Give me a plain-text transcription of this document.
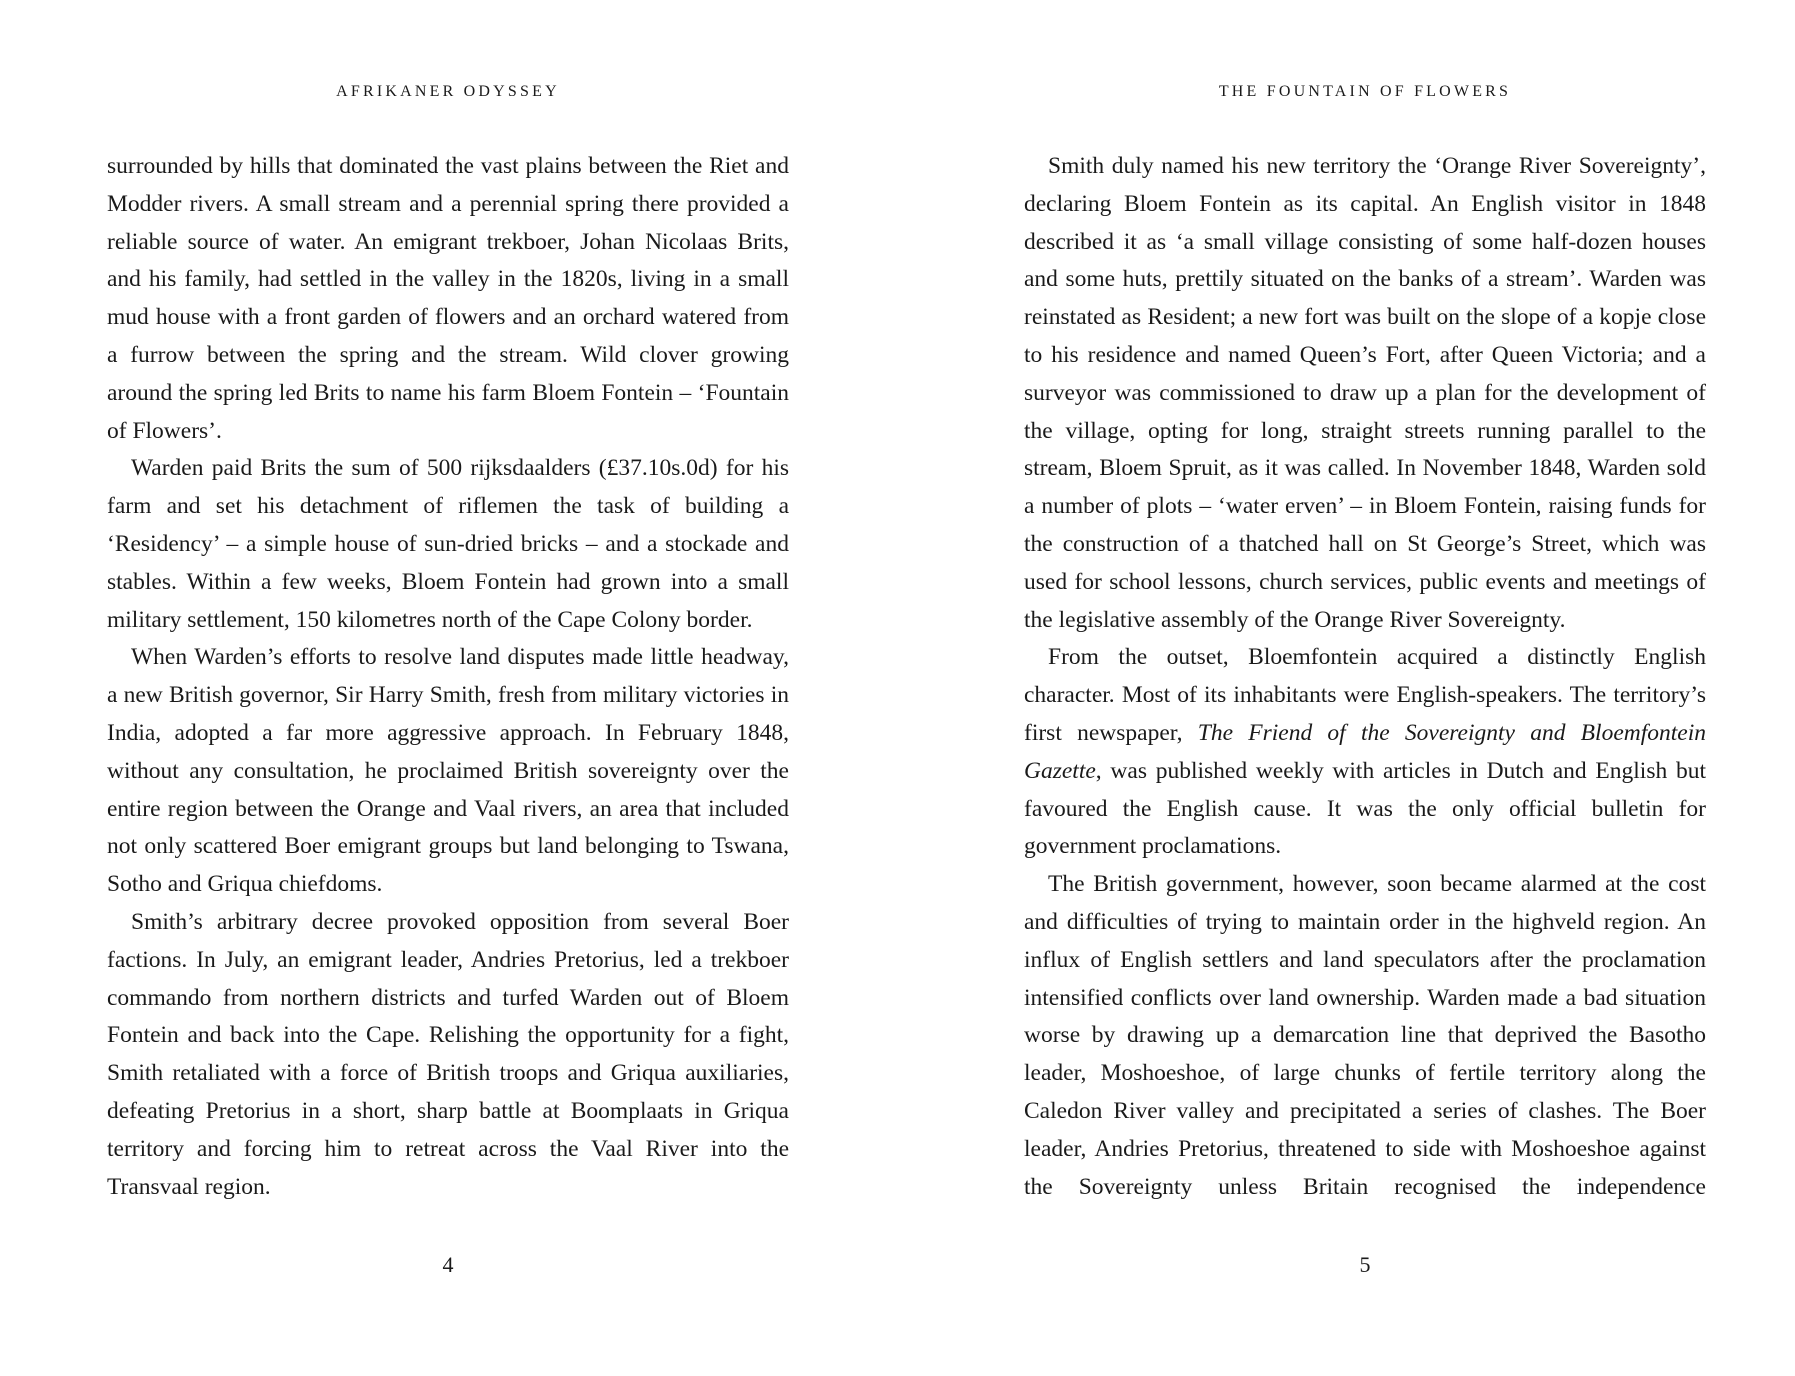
AFRIKANER ODYSSEY

surrounded by hills that dominated the vast plains between the Riet and Modder rivers. A small stream and a perennial spring there provided a reliable source of water. An emigrant trekboer, Johan Nicolaas Brits, and his family, had settled in the valley in the 1820s, living in a small mud house with a front garden of flowers and an orchard watered from a furrow between the spring and the stream. Wild clover growing around the spring led Brits to name his farm Bloem Fontein – ‘Fountain of Flowers’.

Warden paid Brits the sum of 500 rijksdaalders (£37.10s.0d) for his farm and set his detachment of riflemen the task of building a ‘Residency’ – a simple house of sun-dried bricks – and a stockade and stables. Within a few weeks, Bloem Fontein had grown into a small military settlement, 150 kilometres north of the Cape Colony border.

When Warden’s efforts to resolve land disputes made little headway, a new British governor, Sir Harry Smith, fresh from military victories in India, adopted a far more aggressive approach. In February 1848, without any consultation, he proclaimed British sovereignty over the entire region between the Orange and Vaal rivers, an area that included not only scattered Boer emigrant groups but land belonging to Tswana, Sotho and Griqua chiefdoms.

Smith’s arbitrary decree provoked opposition from several Boer factions. In July, an emigrant leader, Andries Pretorius, led a trekboer commando from northern districts and turfed Warden out of Bloem Fontein and back into the Cape. Relishing the opportunity for a fight, Smith retaliated with a force of British troops and Griqua auxiliaries, defeating Pretorius in a short, sharp battle at Boomplaats in Griqua territory and forcing him to retreat across the Vaal River into the Transvaal region.

4
THE FOUNTAIN OF FLOWERS

Smith duly named his new territory the ‘Orange River Sovereignty’, declaring Bloem Fontein as its capital. An English visitor in 1848 described it as ‘a small village consisting of some half-dozen houses and some huts, prettily situated on the banks of a stream’. Warden was reinstated as Resident; a new fort was built on the slope of a kopje close to his residence and named Queen’s Fort, after Queen Victoria; and a surveyor was commissioned to draw up a plan for the development of the village, opting for long, straight streets running parallel to the stream, Bloem Spruit, as it was called. In November 1848, Warden sold a number of plots – ‘water erven’ – in Bloem Fontein, raising funds for the construction of a thatched hall on St George’s Street, which was used for school lessons, church services, public events and meetings of the legislative assembly of the Orange River Sovereignty.

From the outset, Bloemfontein acquired a distinctly English character. Most of its inhabitants were English-speakers. The territory’s first newspaper, The Friend of the Sovereignty and Bloemfontein Gazette, was published weekly with articles in Dutch and English but favoured the English cause. It was the only official bulletin for government proclamations.

The British government, however, soon became alarmed at the cost and difficulties of trying to maintain order in the highveld region. An influx of English settlers and land speculators after the proclamation intensified conflicts over land ownership. Warden made a bad situation worse by drawing up a demarcation line that deprived the Basotho leader, Moshoeshoe, of large chunks of fertile territory along the Caledon River valley and precipitated a series of clashes. The Boer leader, Andries Pretorius, threatened to side with Moshoeshoe against the Sovereignty unless Britain recognised the independence

5
